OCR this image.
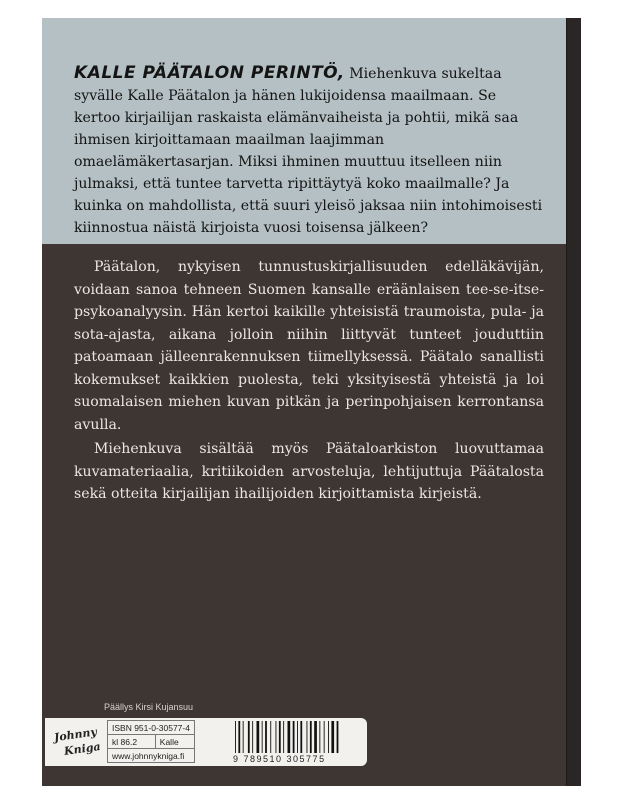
KALLE PÄÄTALON PERINTÖ, Miehenkuva sukeltaa syvälle Kalle Päätalon ja hänen lukijoidensa maailmaan. Se kertoo kirjailijan raskaista elämänvaiheista ja pohtii, mikä saa ihmisen kirjoittamaan maailman laajimman omaelämäkertasarjan. Miksi ihminen muuttuu itselleen niin julmaksi, että tuntee tarvetta ripittäytyä koko maailmalle? Ja kuinka on mahdollista, että suuri yleisö jaksaa niin intohimoisesti kiinnostua näistä kirjoista vuosi toisensa jälkeen?

Päätalon, nykyisen tunnustuskirjallisuuden edelläkävijän, voidaan sanoa tehneen Suomen kansalle eräänlaisen tee-se-itse-psykoanalyysin. Hän kertoi kaikille yhteisistä traumoista, pula- ja sota-ajasta, aikana jolloin niihin liittyvät tunteet jouduttiin patoamaan jälleenrakennuksen tiimellyksessä. Päätalo sanallisti kokemukset kaikkien puolesta, teki yksityisestä yhteistä ja loi suomalaisen miehen kuvan pitkän ja perinpohjaisen kerrontansa avulla.

Miehenkuva sisältää myös Päätaloarkiston luovuttamaa kuvamateriaalia, kritiikoiden arvosteluja, lehtijuttuja Päätalosta sekä otteita kirjailijan ihailijoiden kirjoittamista kirjeistä.

Päällys Kirsi Kujansuu
Johnny
Kniga
ISBN 951-0-30577-4
kl 86.2	Kalle
www.johnnykniga.fi	9 789510 305775
